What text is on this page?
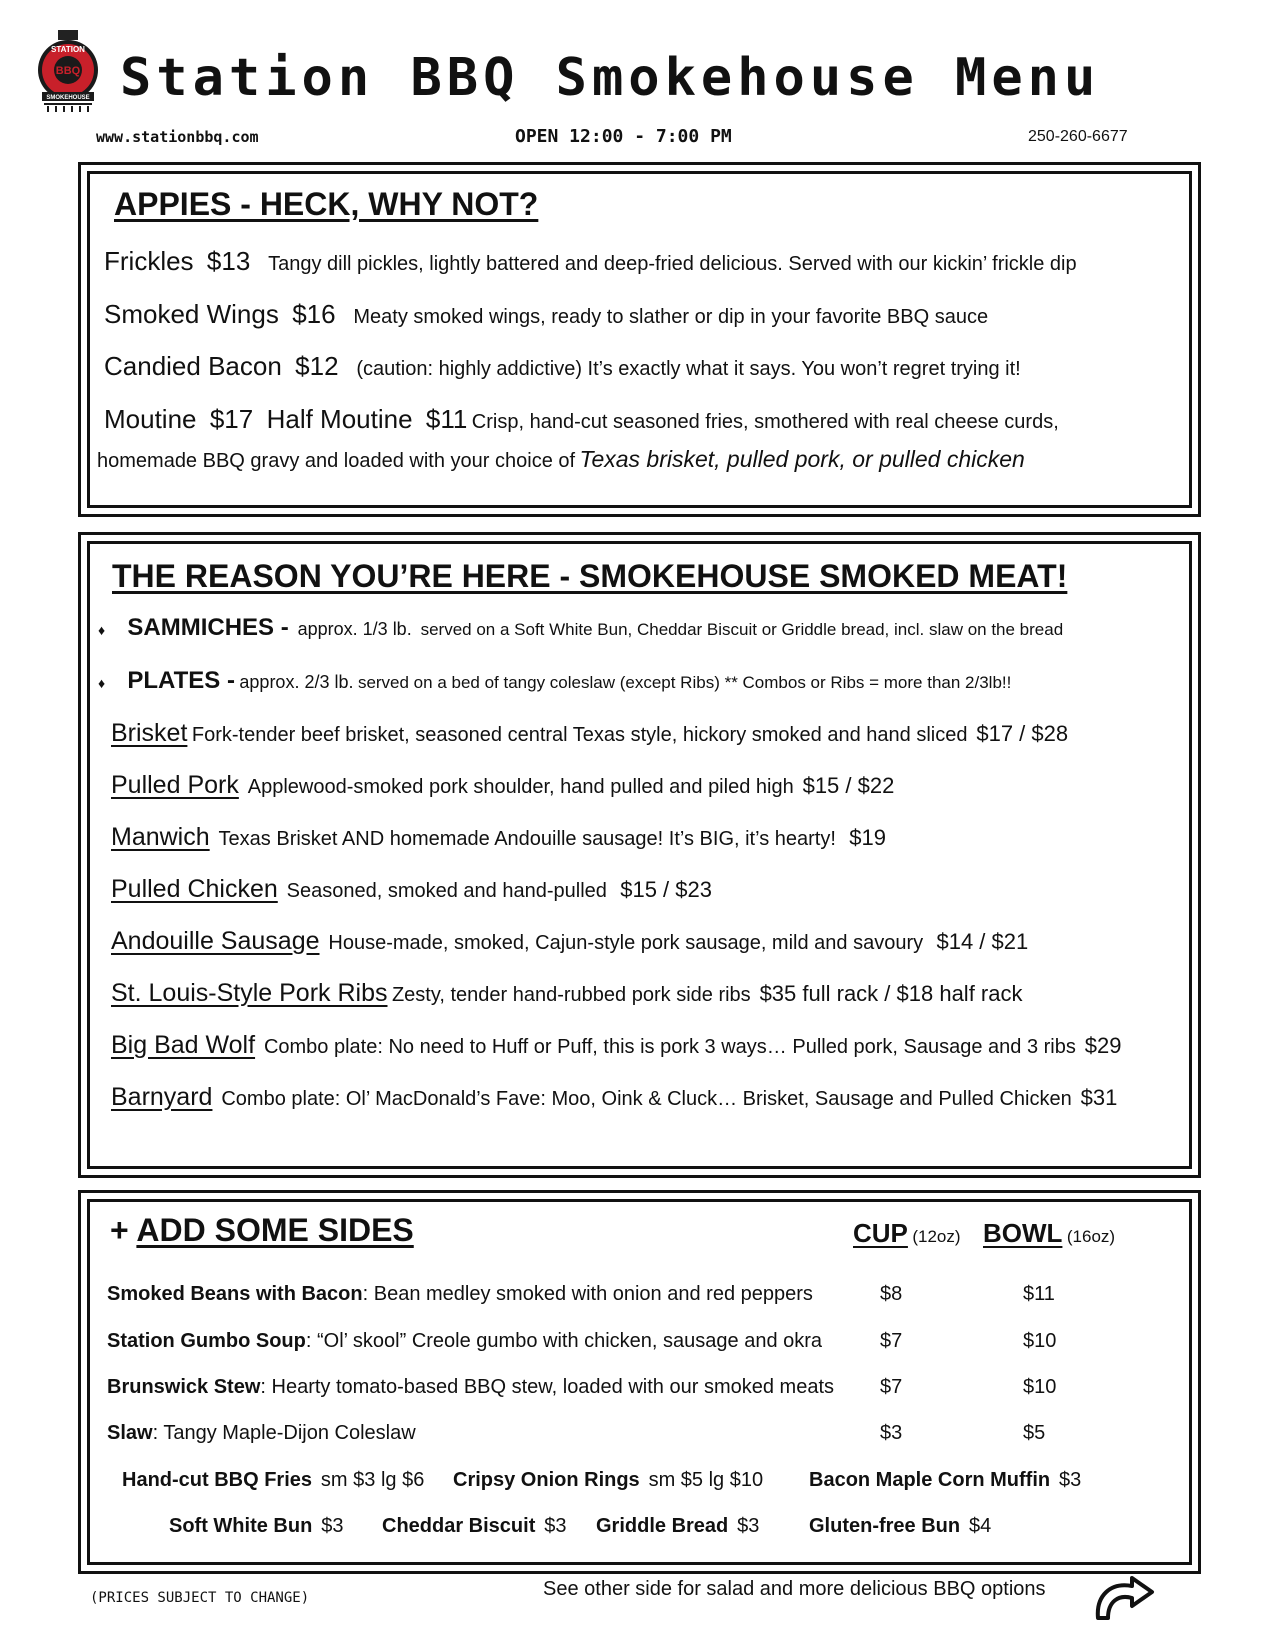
STATION
BBQ
SMOKEHOUSE Station BBQ Smokehouse Menu
www.stationbbq.com	OPEN 12:00 - 7:00 PM	250-260-6677
APPIES - HECK, WHY NOT?
Frickles $13 Tangy dill pickles, lightly battered and deep-fried delicious. Served with our kickin’ frickle dip
Smoked Wings $16 Meaty smoked wings, ready to slather or dip in your favorite BBQ sauce
Candied Bacon $12 (caution: highly addictive) It’s exactly what it says. You won’t regret trying it!
Moutine $17 Half Moutine $11 Crisp, hand-cut seasoned fries, smothered with real cheese curds,
homemade BBQ gravy and loaded with your choice of Texas brisket, pulled pork, or pulled chicken
THE REASON YOU’RE HERE - SMOKEHOUSE SMOKED MEAT!
♦ SAMMICHES - approx. 1/3 lb. served on a Soft White Bun, Cheddar Biscuit or Griddle bread, incl. slaw on the bread
♦ PLATES - approx. 2/3 lb. served on a bed of tangy coleslaw (except Ribs) ** Combos or Ribs = more than 2/3lb!!
Brisket Fork-tender beef brisket, seasoned central Texas style, hickory smoked and hand sliced $17 / $28
Pulled Pork Applewood-smoked pork shoulder, hand pulled and piled high $15 / $22
Manwich Texas Brisket AND homemade Andouille sausage! It’s BIG, it’s hearty! $19
Pulled Chicken Seasoned, smoked and hand-pulled $15 / $23
Andouille Sausage House-made, smoked, Cajun-style pork sausage, mild and savoury $14 / $21
St. Louis-Style Pork Ribs Zesty, tender hand-rubbed pork side ribs $35 full rack / $18 half rack
Big Bad Wolf Combo plate: No need to Huff or Puff, this is pork 3 ways… Pulled pork, Sausage and 3 ribs $29
Barnyard Combo plate: Ol’ MacDonald’s Fave: Moo, Oink & Cluck… Brisket, Sausage and Pulled Chicken $31
+ ADD SOME SIDES	CUP (12oz) BOWL (16oz)
Smoked Beans with Bacon: Bean medley smoked with onion and red peppers	$8	$11
Station Gumbo Soup: “Ol’ skool” Creole gumbo with chicken, sausage and okra	$7	$10
Brunswick Stew: Hearty tomato-based BBQ stew, loaded with our smoked meats $7	$10
Slaw: Tangy Maple-Dijon Coleslaw	$3	$5
Hand-cut BBQ Fries sm $3 lg $6 Cripsy Onion Rings sm $5 lg $10 Bacon Maple Corn Muffin $3
Soft White Bun $3 Cheddar Biscuit $3 Griddle Bread $3 Gluten-free Bun $4
(PRICES SUBJECT TO CHANGE)	See other side for salad and more delicious BBQ options
